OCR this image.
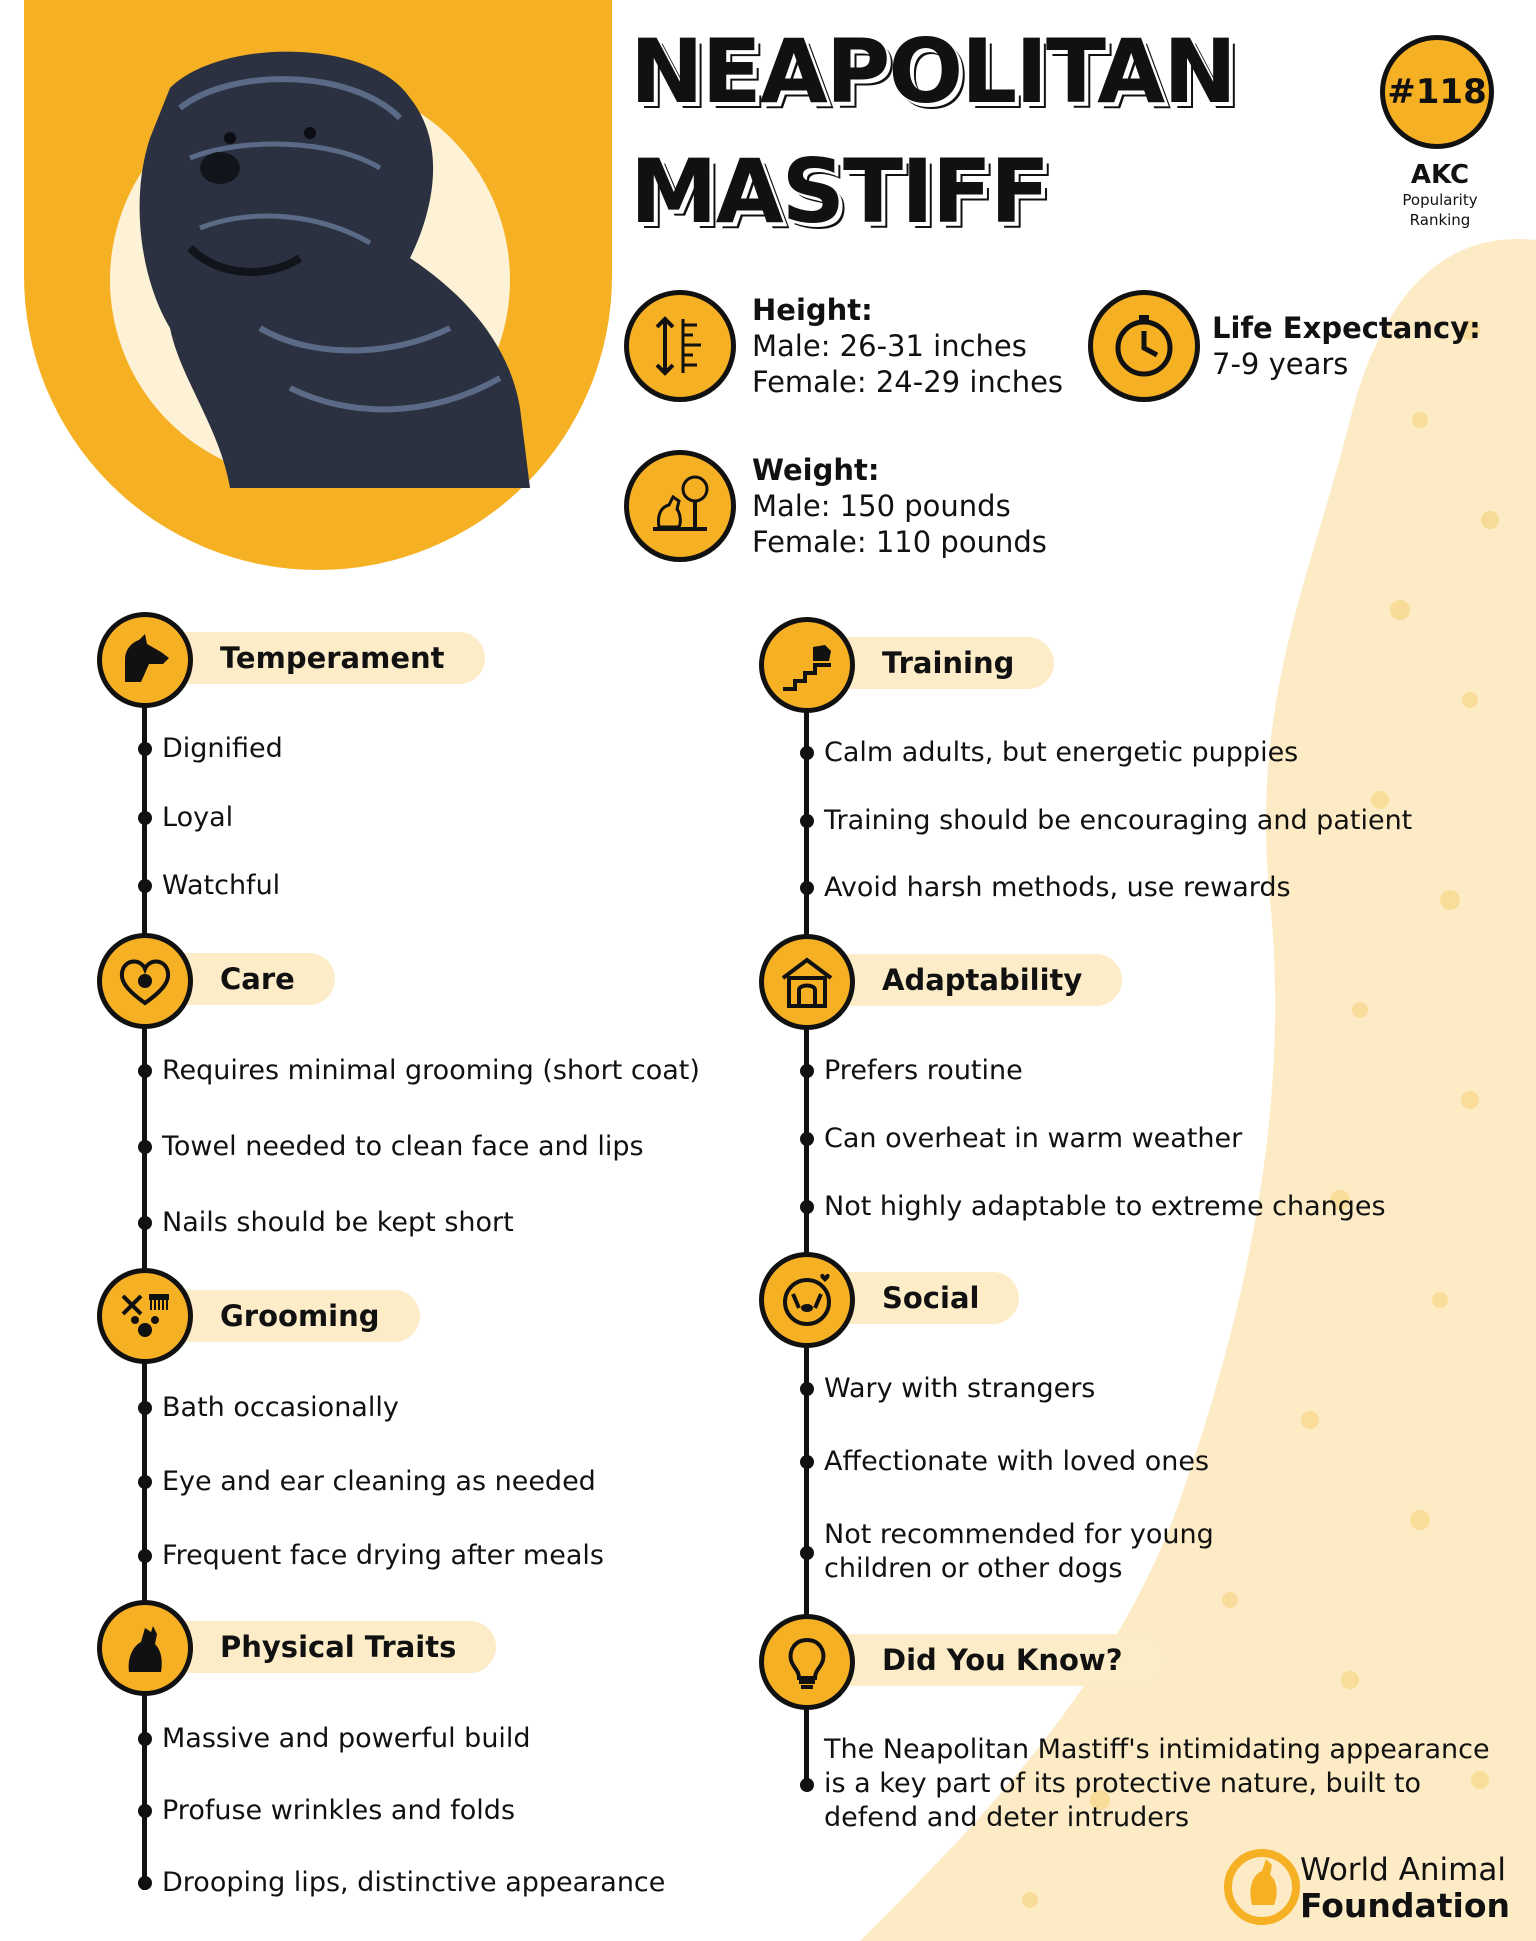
NEAPOLITAN
MASTIFF
#118
AKC
Popularity
Ranking
Height:
Male: 26-31 inches
Female: 24-29 inches
Life Expectancy:
7-9 years
Weight:
Male: 150 pounds
Female: 110 pounds
Temperament
Dignified
Loyal
Watchful
Care
Requires minimal grooming (short coat)
Towel needed to clean face and lips
Nails should be kept short
Grooming
Bath occasionally
Eye and ear cleaning as needed
Frequent face drying after meals
Physical Traits
Massive and powerful build
Profuse wrinkles and folds
Drooping lips, distinctive appearance
Training
Calm adults, but energetic puppies
Training should be encouraging and patient
Avoid harsh methods, use rewards
Adaptability
Prefers routine
Can overheat in warm weather
Not highly adaptable to extreme changes
Social
Wary with strangers
Affectionate with loved ones
Not recommended for young
children or other dogs
Did You Know?
The Neapolitan Mastiff's intimidating appearance
is a key part of its protective nature, built to
defend and deter intruders
World Animal
Foundation
